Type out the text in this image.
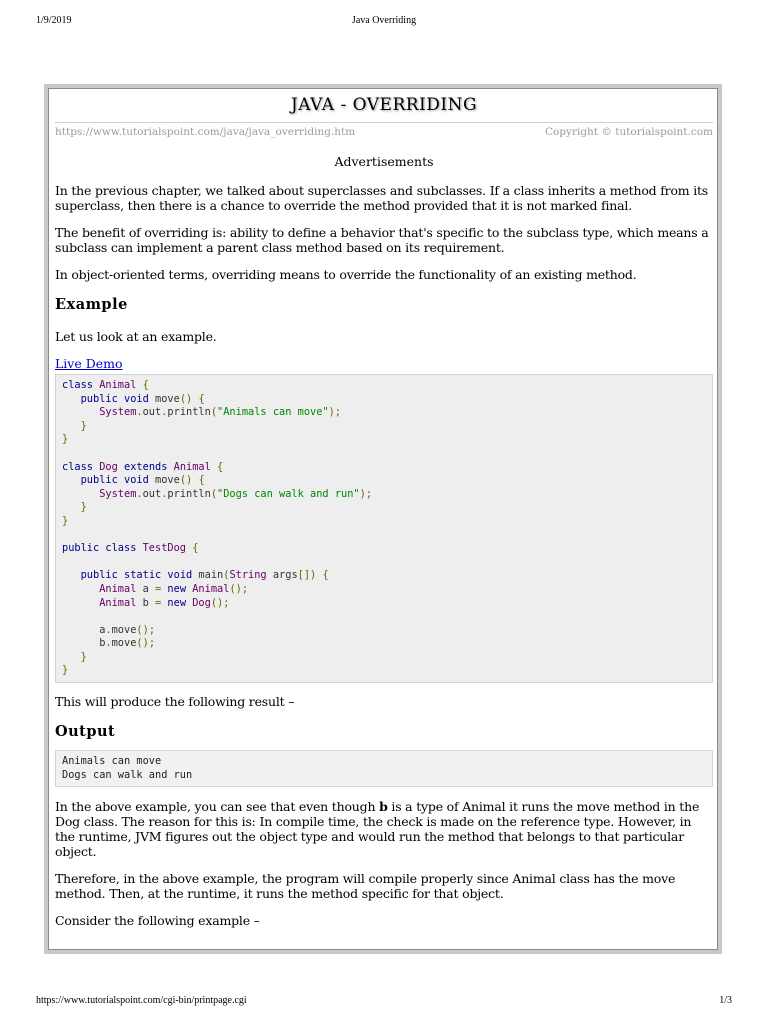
1/9/2019	Java Overriding
JAVA - OVERRIDING
https://www.tutorialspoint.com/java/java_overriding.htm	Copyright © tutorialspoint.com
Advertisements

In the previous chapter, we talked about superclasses and subclasses. If a class inherits a method from its superclass, then there is a chance to override the method provided that it is not marked final.

The benefit of overriding is: ability to define a behavior that's specific to the subclass type, which means a subclass can implement a parent class method based on its requirement.

In object-oriented terms, overriding means to override the functionality of an existing method.

Example

Let us look at an example.

Live Demo
class Animal {
public void move() {
System.out.println("Animals can move");
}
}

class Dog extends Animal {
public void move() {
System.out.println("Dogs can walk and run");
}
}

public class TestDog {

public static void main(String args[]) {
Animal a = new Animal();
Animal b = new Dog();

a.move();
b.move();
}
}

This will produce the following result –

Output
Animals can move
Dogs can walk and run

In the above example, you can see that even though b is a type of Animal it runs the move method in the Dog class. The reason for this is: In compile time, the check is made on the reference type. However, in the runtime, JVM figures out the object type and would run the method that belongs to that particular object.

Therefore, in the above example, the program will compile properly since Animal class has the move method. Then, at the runtime, it runs the method specific for that object.

Consider the following example –

https://www.tutorialspoint.com/cgi-bin/printpage.cgi	1/3
